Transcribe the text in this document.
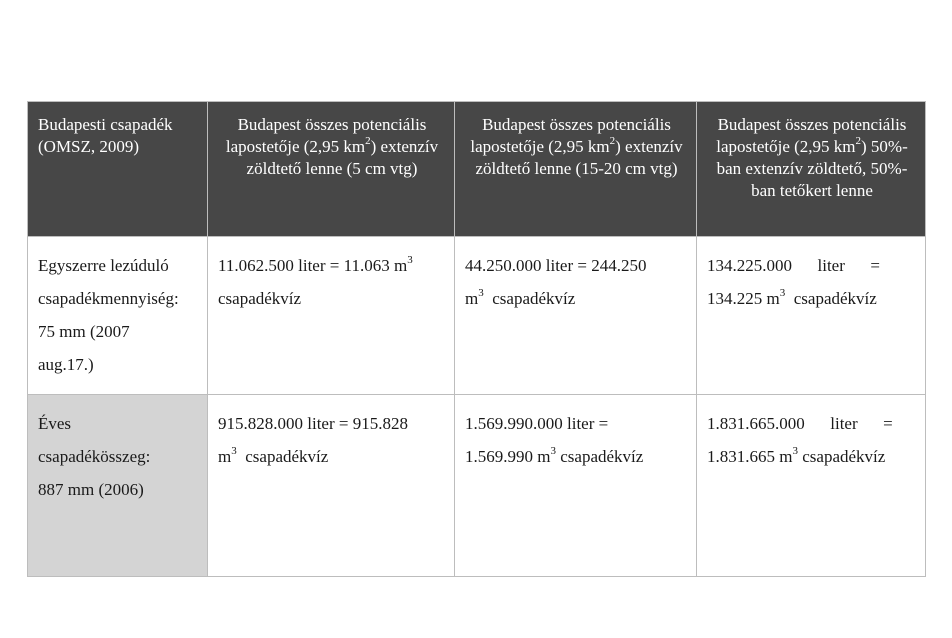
Budapesti csapadék (OMSZ, 2009)	Budapest összes potenciális lapostetője (2,95 $km^2$) extenzív zöldtető lenne (5 cm vtg)	Budapest összes potenciális lapostetője (2,95 $km^2$) extenzív zöldtető lenne (15-20 cm vtg)	Budapest összes potenciális lapostetője (2,95 $km^2$) 50%-ban extenzív zöldtető, 50%-ban tetőkert lenne

Egyszerre lezúduló
csapadékmennyiség:
75 mm (2007
aug.17.)	11.062.500 liter = 11.063 $m^3$
csapadékvíz	44.250.000 liter = 244.250
$m^3$ csapadékvíz	134.225.000      liter      =
134.225 $m^3$ csapadékvíz

Éves
csapadékösszeg:
887 mm (2006)	915.828.000 liter = 915.828
$m^3$ csapadékvíz	1.569.990.000 liter =
1.569.990 $m^3$ csapadékvíz	1.831.665.000      liter      =
1.831.665 $m^3$ csapadékvíz
